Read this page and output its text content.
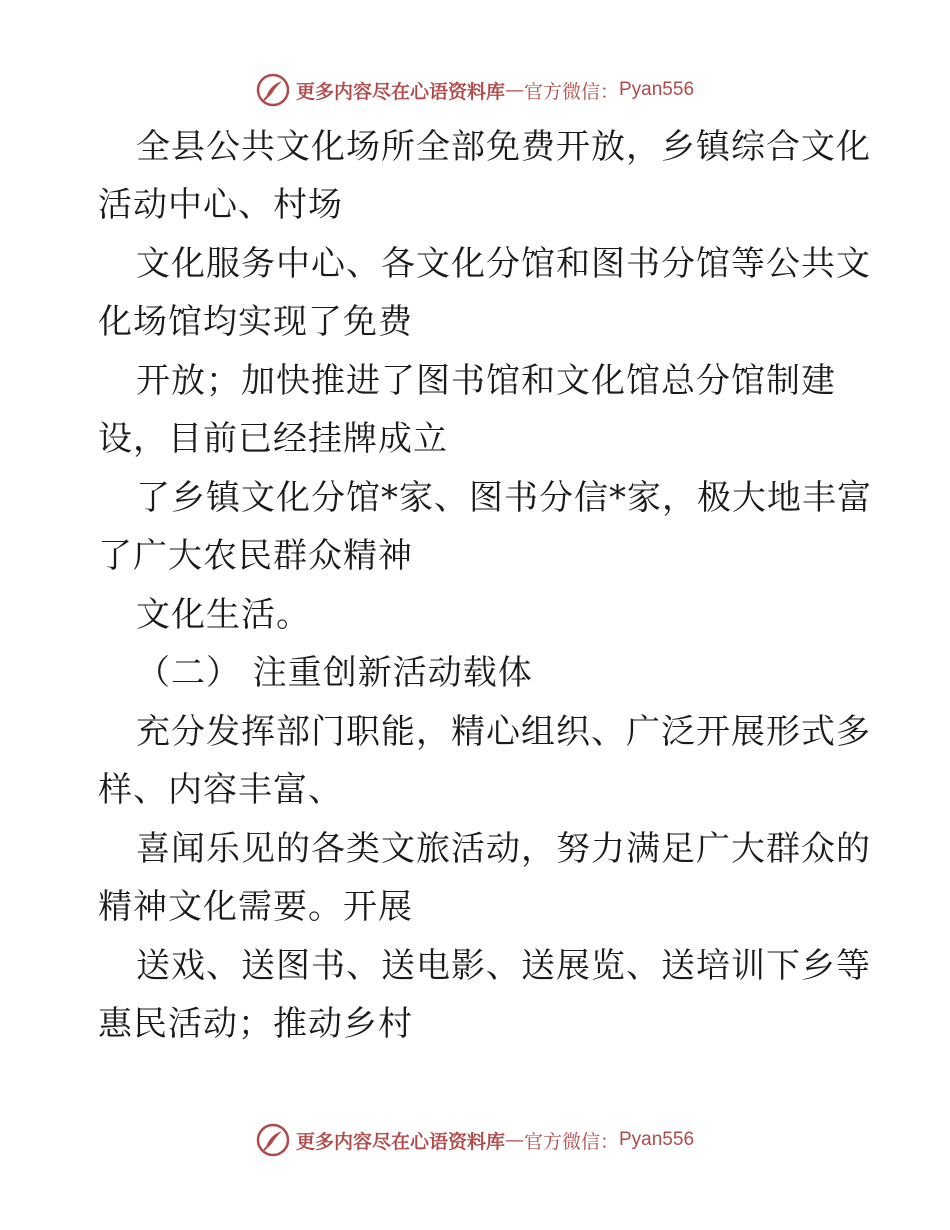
更多内容尽在心语资料库 — 官方微信： Pyan556
全县公共文化场所全部免费开放，乡镇综合文化
活动中心、村场
文化服务中心、各文化分馆和图书分馆等公共文
化场馆均实现了免费
开放；加快推进了图书馆和文化馆总分馆制建
设，目前已经挂牌成立
了乡镇文化分馆*家、图书分信*家，极大地丰富
了广大农民群众精神
文化生活。
（二） 注重创新活动载体
充分发挥部门职能，精心组织、广泛开展形式多
样、内容丰富、
喜闻乐见的各类文旅活动，努力满足广大群众的
精神文化需要。开展
送戏、送图书、送电影、送展览、送培训下乡等
惠民活动；推动乡村
更多内容尽在心语资料库 — 官方微信： Pyan556
